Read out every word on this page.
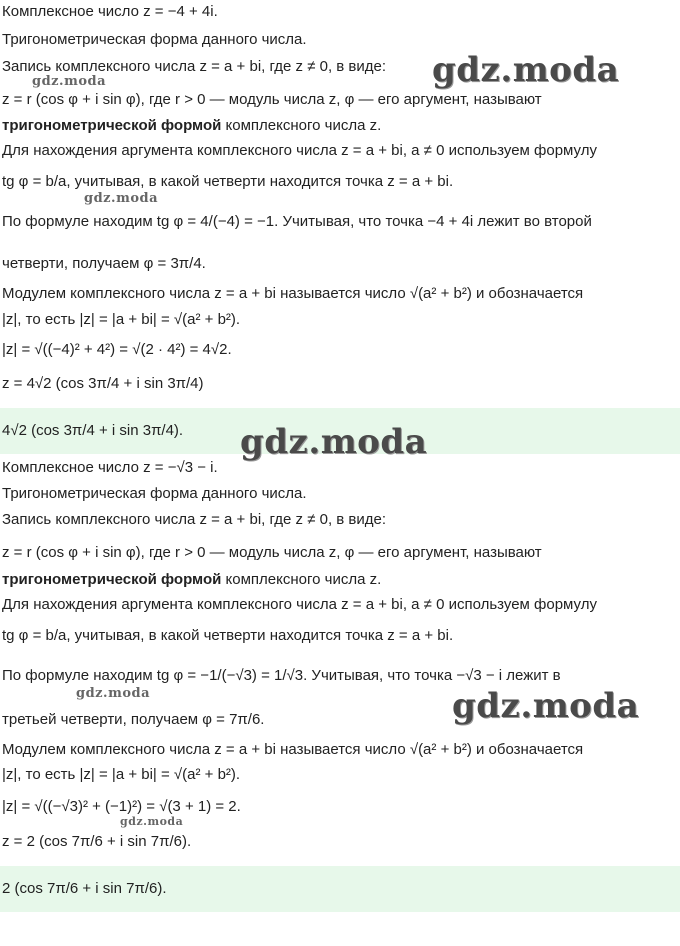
Комплексное число z = −4 + 4i.
Тригонометрическая форма данного числа.
Запись комплексного числа z = a + bi, где z ≠ 0, в виде:
z = r (cos φ + i sin φ), где r > 0 — модуль числа z, φ — его аргумент, называют
тригонометрической формой комплексного числа z.
Для нахождения аргумента комплексного числа z = a + bi, a ≠ 0 используем формулу
tg φ = b/a, учитывая, в какой четверти находится точка z = a + bi.
По формуле находим tg φ = 4/(−4) = −1. Учитывая, что точка −4 + 4i лежит во второй
четверти, получаем φ = 3π/4.
Модулем комплексного числа z = a + bi называется число √(a² + b²) и обозначается
|z|, то есть |z| = |a + bi| = √(a² + b²).
|z| = √((−4)² + 4²) = √(2 · 4²) = 4√2.
z = 4√2 (cos 3π/4 + i sin 3π/4)
4√2 (cos 3π/4 + i sin 3π/4).
Комплексное число z = −√3 − i.
Тригонометрическая форма данного числа.
Запись комплексного числа z = a + bi, где z ≠ 0, в виде:
z = r (cos φ + i sin φ), где r > 0 — модуль числа z, φ — его аргумент, называют
тригонометрической формой комплексного числа z.
Для нахождения аргумента комплексного числа z = a + bi, a ≠ 0 используем формулу
tg φ = b/a, учитывая, в какой четверти находится точка z = a + bi.
По формуле находим tg φ = −1/(−√3) = 1/√3. Учитывая, что точка −√3 − i лежит в
третьей четверти, получаем φ = 7π/6.
Модулем комплексного числа z = a + bi называется число √(a² + b²) и обозначается
|z|, то есть |z| = |a + bi| = √(a² + b²).
|z| = √((−√3)² + (−1)²) = √(3 + 1) = 2.
z = 2 (cos 7π/6 + i sin 7π/6).
2 (cos 7π/6 + i sin 7π/6).
gdz.moda
gdz.moda
gdz.moda
gdz.moda
gdz.moda	gdz.moda
gdz.moda
